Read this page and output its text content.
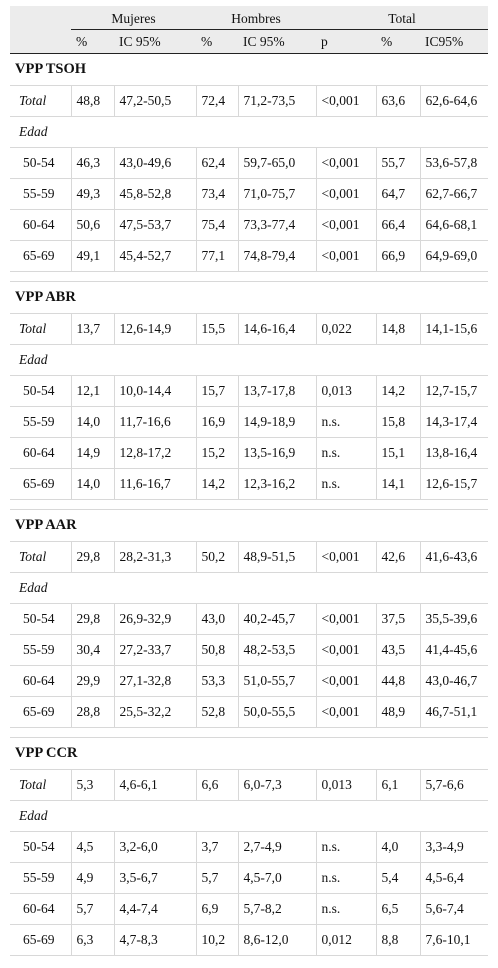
	Mujeres		Hombres		Total		
	%	IC 95%	%	IC 95%	p	%	IC95%
VPP TSOH							
Total	48,8	47,2-50,5	72,4	71,2-73,5	<0,001	63,6	62,6-64,6
Edad							
50-54	46,3	43,0-49,6	62,4	59,7-65,0	<0,001	55,7	53,6-57,8
55-59	49,3	45,8-52,8	73,4	71,0-75,7	<0,001	64,7	62,7-66,7
60-64	50,6	47,5-53,7	75,4	73,3-77,4	<0,001	66,4	64,6-68,1
65-69	49,1	45,4-52,7	77,1	74,8-79,4	<0,001	66,9	64,9-69,0

VPP ABR							
Total	13,7	12,6-14,9	15,5	14,6-16,4	0,022	14,8	14,1-15,6
Edad							
50-54	12,1	10,0-14,4	15,7	13,7-17,8	0,013	14,2	12,7-15,7
55-59	14,0	11,7-16,6	16,9	14,9-18,9	n.s.	15,8	14,3-17,4
60-64	14,9	12,8-17,2	15,2	13,5-16,9	n.s.	15,1	13,8-16,4
65-69	14,0	11,6-16,7	14,2	12,3-16,2	n.s.	14,1	12,6-15,7

VPP AAR							
Total	29,8	28,2-31,3	50,2	48,9-51,5	<0,001	42,6	41,6-43,6
Edad							
50-54	29,8	26,9-32,9	43,0	40,2-45,7	<0,001	37,5	35,5-39,6
55-59	30,4	27,2-33,7	50,8	48,2-53,5	<0,001	43,5	41,4-45,6
60-64	29,9	27,1-32,8	53,3	51,0-55,7	<0,001	44,8	43,0-46,7
65-69	28,8	25,5-32,2	52,8	50,0-55,5	<0,001	48,9	46,7-51,1

VPP CCR							
Total	5,3	4,6-6,1	6,6	6,0-7,3	0,013	6,1	5,7-6,6
Edad							
50-54	4,5	3,2-6,0	3,7	2,7-4,9	n.s.	4,0	3,3-4,9
55-59	4,9	3,5-6,7	5,7	4,5-7,0	n.s.	5,4	4,5-6,4
60-64	5,7	4,4-7,4	6,9	5,7-8,2	n.s.	6,5	5,6-7,4
65-69	6,3	4,7-8,3	10,2	8,6-12,0	0,012	8,8	7,6-10,1
